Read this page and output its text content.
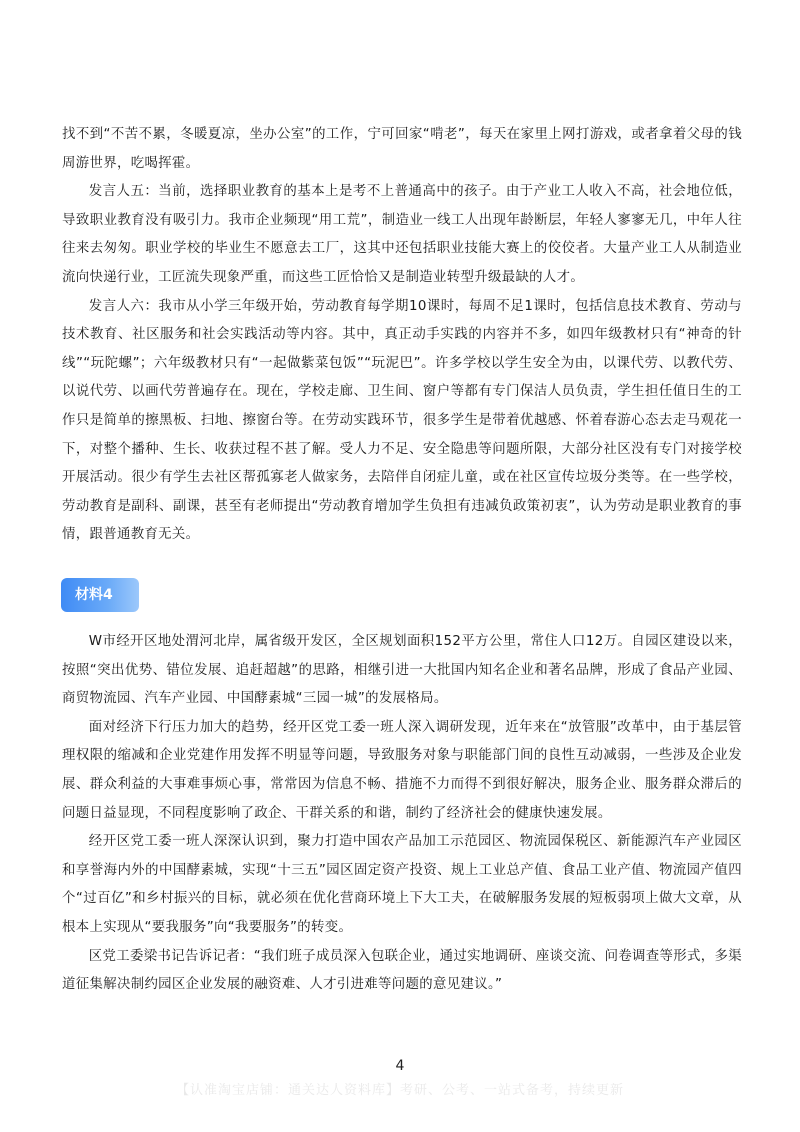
找不到“不苦不累，冬暖夏凉，坐办公室”的工作，宁可回家“啃老”，每天在家里上网打游戏，或者拿着父母的钱周游世界，吃喝挥霍。

发言人五：当前，选择职业教育的基本上是考不上普通高中的孩子。由于产业工人收入不高，社会地位低，导致职业教育没有吸引力。我市企业频现“用工荒”，制造业一线工人出现年龄断层，年轻人寥寥无几，中年人往往来去匆匆。职业学校的毕业生不愿意去工厂，这其中还包括职业技能大赛上的佼佼者。大量产业工人从制造业流向快递行业，工匠流失现象严重，而这些工匠恰恰又是制造业转型升级最缺的人才。

发言人六：我市从小学三年级开始，劳动教育每学期10课时，每周不足1课时，包括信息技术教育、劳动与技术教育、社区服务和社会实践活动等内容。其中，真正动手实践的内容并不多，如四年级教材只有“神奇的针线”“玩陀螺”；六年级教材只有“一起做紫菜包饭”“玩泥巴”。许多学校以学生安全为由，以课代劳、以教代劳、以说代劳、以画代劳普遍存在。现在，学校走廊、卫生间、窗户等都有专门保洁人员负责，学生担任值日生的工作只是简单的擦黑板、扫地、擦窗台等。在劳动实践环节，很多学生是带着优越感、怀着春游心态去走马观花一下，对整个播种、生长、收获过程不甚了解。受人力不足、安全隐患等问题所限，大部分社区没有专门对接学校开展活动。很少有学生去社区帮孤寡老人做家务，去陪伴自闭症儿童，或在社区宣传垃圾分类等。在一些学校，劳动教育是副科、副课，甚至有老师提出“劳动教育增加学生负担有违减负政策初衷”，认为劳动是职业教育的事情，跟普通教育无关。

材料4

W市经开区地处渭河北岸，属省级开发区，全区规划面积152平方公里，常住人口12万。自园区建设以来，按照“突出优势、错位发展、追赶超越”的思路，相继引进一大批国内知名企业和著名品牌，形成了食品产业园、商贸物流园、汽车产业园、中国酵素城“三园一城”的发展格局。

面对经济下行压力加大的趋势，经开区党工委一班人深入调研发现，近年来在“放管服”改革中，由于基层管理权限的缩减和企业党建作用发挥不明显等问题，导致服务对象与职能部门间的良性互动减弱，一些涉及企业发展、群众利益的大事难事烦心事，常常因为信息不畅、措施不力而得不到很好解决，服务企业、服务群众滞后的问题日益显现，不同程度影响了政企、干群关系的和谐，制约了经济社会的健康快速发展。

经开区党工委一班人深深认识到，聚力打造中国农产品加工示范园区、物流园保税区、新能源汽车产业园区和享誉海内外的中国酵素城，实现“十三五”园区固定资产投资、规上工业总产值、食品工业产值、物流园产值四个“过百亿”和乡村振兴的目标，就必须在优化营商环境上下大工夫，在破解服务发展的短板弱项上做大文章，从根本上实现从“要我服务”向“我要服务”的转变。

区党工委梁书记告诉记者：“我们班子成员深入包联企业，通过实地调研、座谈交流、问卷调查等形式，多渠道征集解决制约园区企业发展的融资难、人才引进难等问题的意见建议。”

4
【认准淘宝店铺：通关达人资料库】考研、公考、一站式备考，持续更新
